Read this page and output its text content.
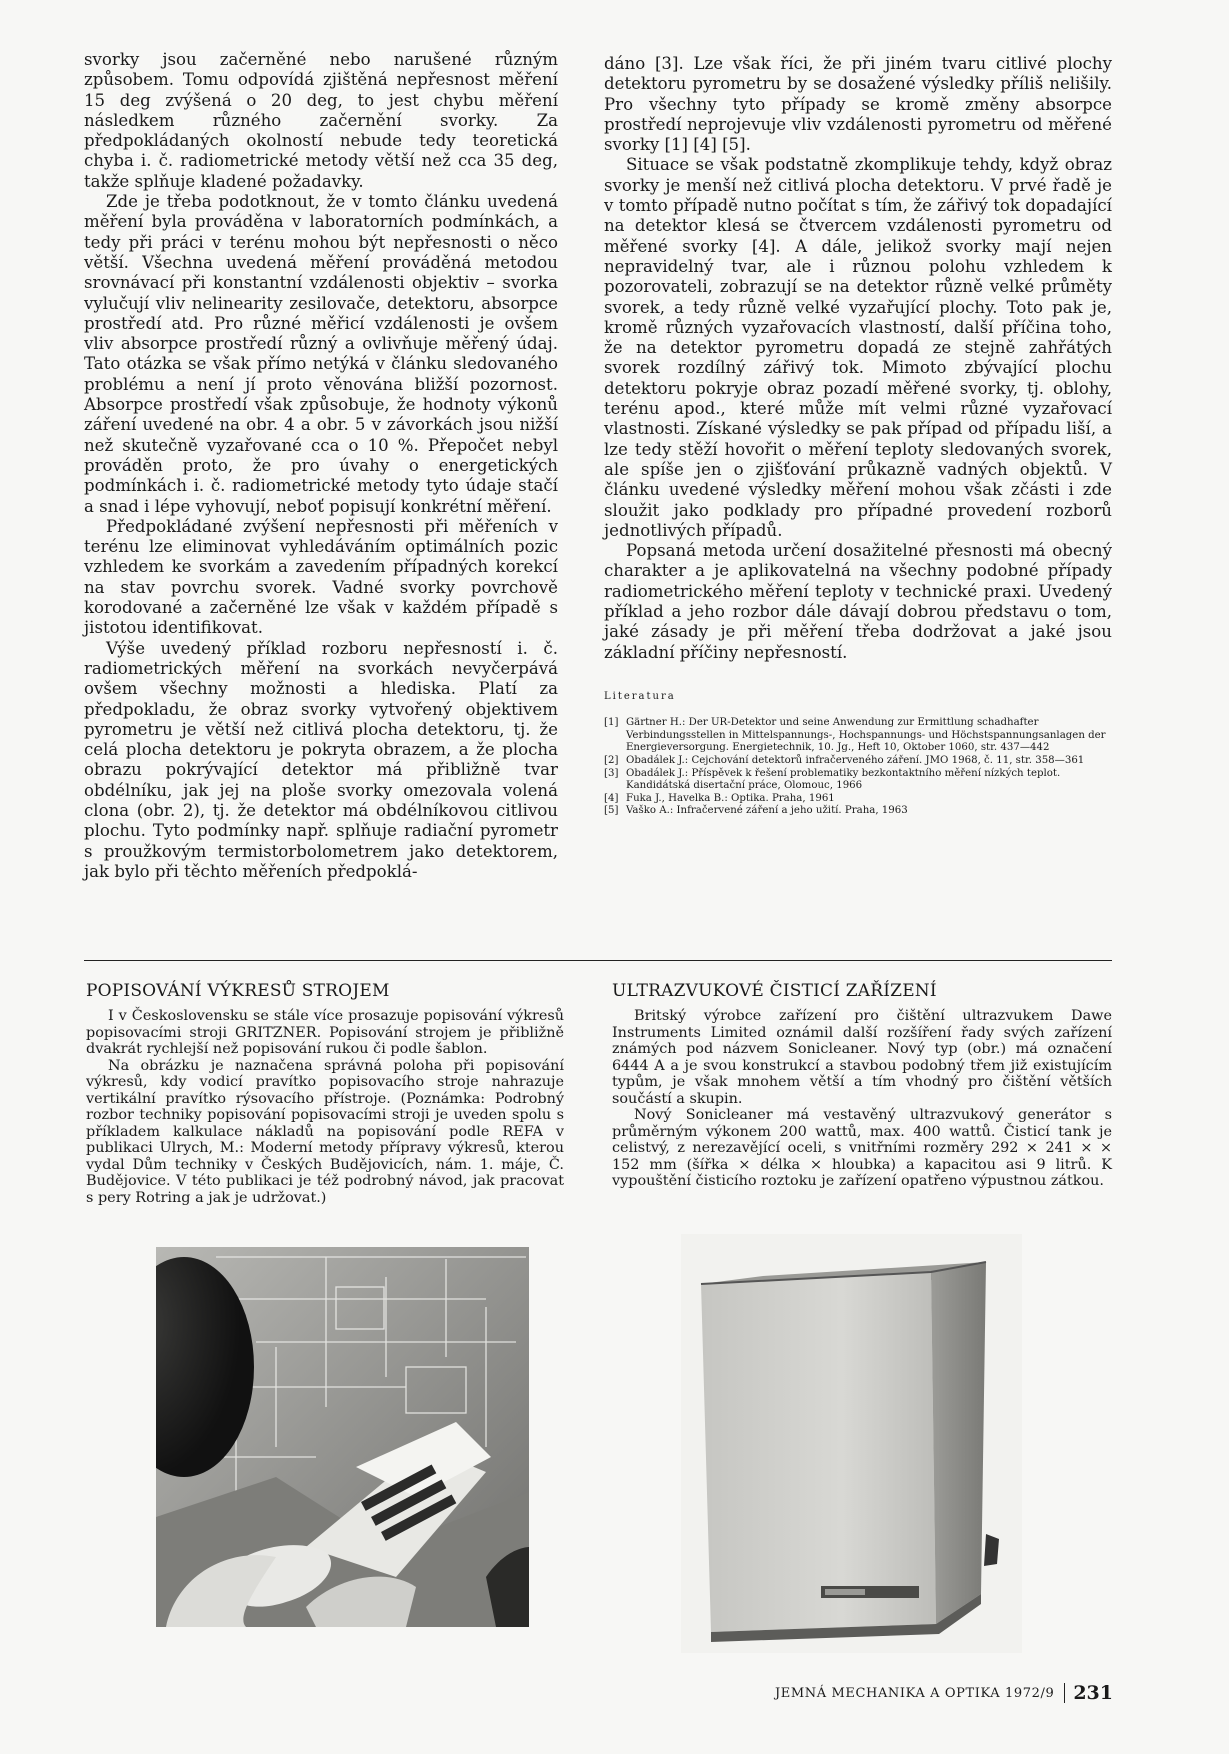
svorky jsou začerněné nebo narušené různým způsobem. Tomu odpovídá zjištěná nepřesnost měření 15 deg zvýšená o 20 deg, to jest chybu měření následkem různého začernění svorky. Za předpokládaných okolností nebude tedy teoretická chyba i. č. radiometrické metody větší než cca 35 deg, takže splňuje kladené požadavky.

Zde je třeba podotknout, že v tomto článku uvedená měření byla prováděna v laboratorních podmínkách, a tedy při práci v terénu mohou být nepřesnosti o něco větší. Všechna uvedená měření prováděná metodou srovnávací při konstantní vzdálenosti objektiv – svorka vylučují vliv nelinearity zesilovače, detektoru, absorpce prostředí atd. Pro různé měřicí vzdálenosti je ovšem vliv absorpce prostředí různý a ovlivňuje měřený údaj. Tato otázka se však přímo netýká v článku sledovaného problému a není jí proto věnována bližší pozornost. Absorpce prostředí však způsobuje, že hodnoty výkonů záření uvedené na obr. 4 a obr. 5 v závorkách jsou nižší než skutečně vyzařované cca o 10 %. Přepočet nebyl prováděn proto, že pro úvahy o energetických podmínkách i. č. radiometrické metody tyto údaje stačí a snad i lépe vyhovují, neboť popisují konkrétní měření.

Předpokládané zvýšení nepřesnosti při měřeních v terénu lze eliminovat vyhledáváním optimálních pozic vzhledem ke svorkám a zavedením případných korekcí na stav povrchu svorek. Vadné svorky povrchově korodované a začerněné lze však v každém případě s jistotou identifikovat.

Výše uvedený příklad rozboru nepřesností i. č. radiometrických měření na svorkách nevyčerpává ovšem všechny možnosti a hlediska. Platí za předpokladu, že obraz svorky vytvořený objektivem pyrometru je větší než citlivá plocha detektoru, tj. že celá plocha detektoru je pokryta obrazem, a že plocha obrazu pokrývající detektor má přibližně tvar obdélníku, jak jej na ploše svorky omezovala volená clona (obr. 2), tj. že detektor má obdélníkovou citlivou plochu. Tyto podmínky např. splňuje radiační pyrometr s proužkovým termistorbolometrem jako detektorem, jak bylo při těchto měřeních předpoklá-

dáno [3]. Lze však říci, že při jiném tvaru citlivé plochy detektoru pyrometru by se dosažené výsledky příliš nelišily. Pro všechny tyto případy se kromě změny absorpce prostředí neprojevuje vliv vzdálenosti pyrometru od měřené svorky [1] [4] [5].

Situace se však podstatně zkomplikuje tehdy, když obraz svorky je menší než citlivá plocha detektoru. V prvé řadě je v tomto případě nutno počítat s tím, že zářivý tok dopadající na detektor klesá se čtvercem vzdálenosti pyrometru od měřené svorky [4]. A dále, jelikož svorky mají nejen nepravidelný tvar, ale i různou polohu vzhledem k pozorovateli, zobrazují se na detektor různě velké průměty svorek, a tedy různě velké vyzařující plochy. Toto pak je, kromě různých vyzařovacích vlastností, další příčina toho, že na detektor pyrometru dopadá ze stejně zahřátých svorek rozdílný zářivý tok. Mimoto zbývající plochu detektoru pokryje obraz pozadí měřené svorky, tj. oblohy, terénu apod., které může mít velmi různé vyzařovací vlastnosti. Získané výsledky se pak případ od případu liší, a lze tedy stěží hovořit o měření teploty sledovaných svorek, ale spíše jen o zjišťování průkazně vadných objektů. V článku uvedené výsledky měření mohou však zčásti i zde sloužit jako podklady pro případné provedení rozborů jednotlivých případů.

Popsaná metoda určení dosažitelné přesnosti má obecný charakter a je aplikovatelná na všechny podobné případy radiometrického měření teploty v technické praxi. Uvedený příklad a jeho rozbor dále dávají dobrou představu o tom, jaké zásady je při měření třeba dodržovat a jaké jsou základní příčiny nepřesností.

Literatura
[1] Gärtner H.: Der UR-Detektor und seine Anwendung zur Ermittlung schadhafter Verbindungsstellen in Mittelspannungs-, Hochspannungs- und Höchstspannungsanlagen der Energieversorgung. Energietechnik, 10. Jg., Heft 10, Oktober 1060, str. 437—442
[2] Obadálek J.: Cejchování detektorů infračerveného záření. JMO 1968, č. 11, str. 358—361
[3] Obadálek J.: Příspěvek k řešení problematiky bezkontaktního měření nízkých teplot. Kandidátská disertační práce, Olomouc, 1966
[4] Fuka J., Havelka B.: Optika. Praha, 1961
[5] Vaško A.: Infračervené záření a jeho užití. Praha, 1963
POPISOVÁNÍ VÝKRESŮ STROJEM

I v Československu se stále více prosazuje popisování výkresů popisovacími stroji GRITZNER. Popisování strojem je přibližně dvakrát rychlejší než popisování rukou či podle šablon.

Na obrázku je naznačena správná poloha při popisování výkresů, kdy vodicí pravítko popisovacího stroje nahrazuje vertikální pravítko rýsovacího přístroje. (Poznámka: Podrobný rozbor techniky popisování popisovacími stroji je uveden spolu s příkladem kalkulace nákladů na popisování podle REFA v publikaci Ulrych, M.: Moderní metody přípravy výkresů, kterou vydal Dům techniky v Českých Budějovicích, nám. 1. máje, Č. Budějovice. V této publikaci je též podrobný návod, jak pracovat s pery Rotring a jak je udržovat.)

ULTRAZVUKOVÉ ČISTICÍ ZAŘÍZENÍ

Britský výrobce zařízení pro čištění ultrazvukem Dawe Instruments Limited oznámil další rozšíření řady svých zařízení známých pod názvem Sonicleaner. Nový typ (obr.) má označení 6444 A a je svou konstrukcí a stavbou podobný třem již existujícím typům, je však mnohem větší a tím vhodný pro čištění větších součástí a skupin.

Nový Sonicleaner má vestavěný ultrazvukový generátor s průměrným výkonem 200 wattů, max. 400 wattů. Čisticí tank je celistvý, z nerezavějící oceli, s vnitřními rozměry 292 × 241 × × 152 mm (šířka × délka × hloubka) a kapacitou asi 9 litrů. K vypouštění čisticího roztoku je zařízení opatřeno výpustnou zátkou.

JEMNÁ MECHANIKA A OPTIKA 1972/9 231
